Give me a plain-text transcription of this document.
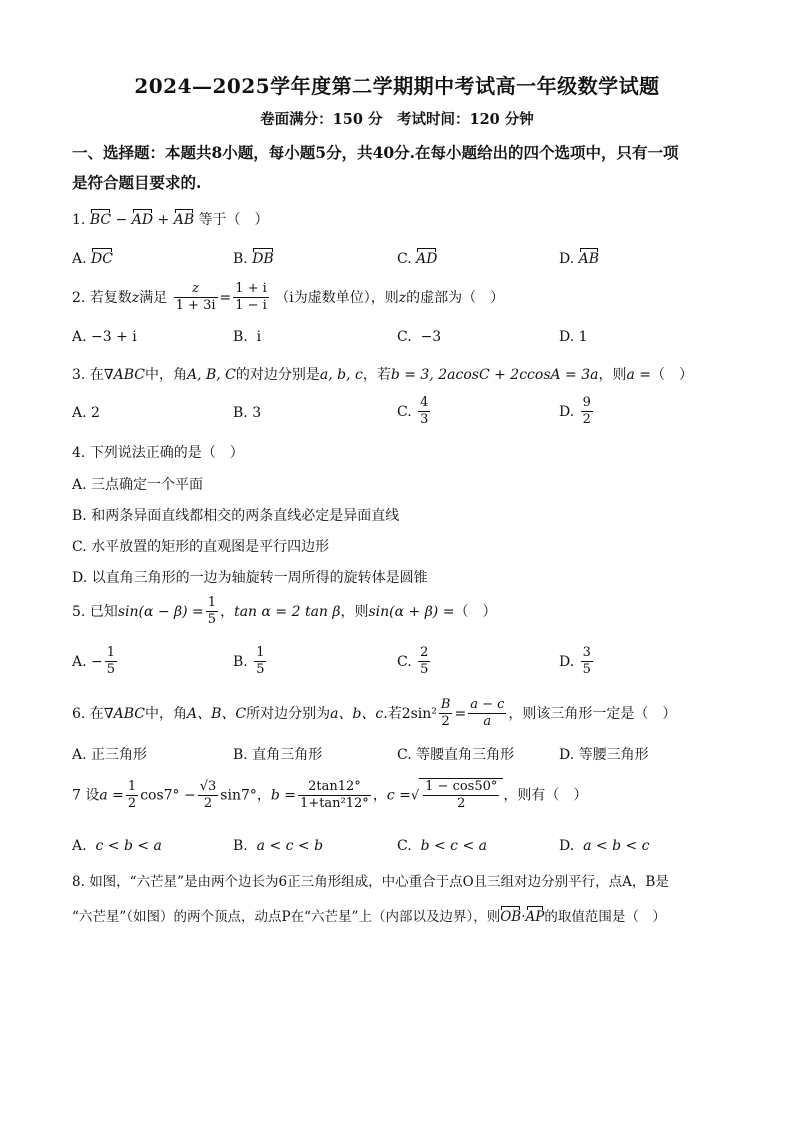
2024—2025学年度第二学期期中考试高一年级数学试题
卷面满分：150 分　考试时间：120 分钟
一、选择题：本题共8小题，每小题5分，共40分.在每小题给出的四个选项中，只有一项
是符合题目要求的.
1. BC − AD + AB 等于（　）
A. DC	B. DB	C. AD	D. AB
2. 若复数z满足 $\frac{z}{1 + 3i} = \frac{1 + i}{1 - i} (i$为虚数单位），则z的虚部为（　）
A. −3 + i	B. i	C. −3	D. 1
3. 在∇ABC中，角A, B, C的对边分别是a, b, c，若b = 3, 2acosC + 2ccosA = 3a，则a =（　）
A. 2	B. 3	C. $\frac{4}{3}$	D. $\frac{9}{2}$
4. 下列说法正确的是（　）
A. 三点确定一个平面
B. 和两条异面直线都相交的两条直线必定是异面直线
C. 水平放置的矩形的直观图是平行四边形
D. 以直角三角形的一边为轴旋转一周所得的旋转体是圆锥
5. 已知$\sin(\alpha - \beta) = \frac{1}{5}$ ，tan α = 2 tan β，则sin(α + β) =（　）
A. − $\frac{1}{5}$	B. $\frac{1}{5}$	C. $\frac{2}{5}$	D. $\frac{3}{5}$
6. 在∇ABC中，角A、B、C所对边分别为a、b、c.若$2\sin^2 \frac{B}{2} = \frac{a - c}{a}$ ，则该三角形一定是（　）
A. 正三角形	B. 直角三角形	C. 等腰直角三角形	D. 等腰三角形
7 设$a = \frac{1}{2} \cos 7^\circ - \frac{√3}{2} \sin 7^\circ$，$b = \frac{2\tan 12^\circ}{\text{1+tan²12°}}$ ，c =√ $\frac{1 - \cos 50^\circ}{2}$ ，则有（　）
A. c < b < a	B. a < c < b	C. b < c < a	D. a < b < c
8. 如图，“六芒星”是由两个边长为6正三角形组成，中心重合于点O且三组对边分别平行，点A，B是
“六芒星”（如图）的两个顶点，动点P在“六芒星”上（内部以及边界），则OB·AP的取值范围是（　）
